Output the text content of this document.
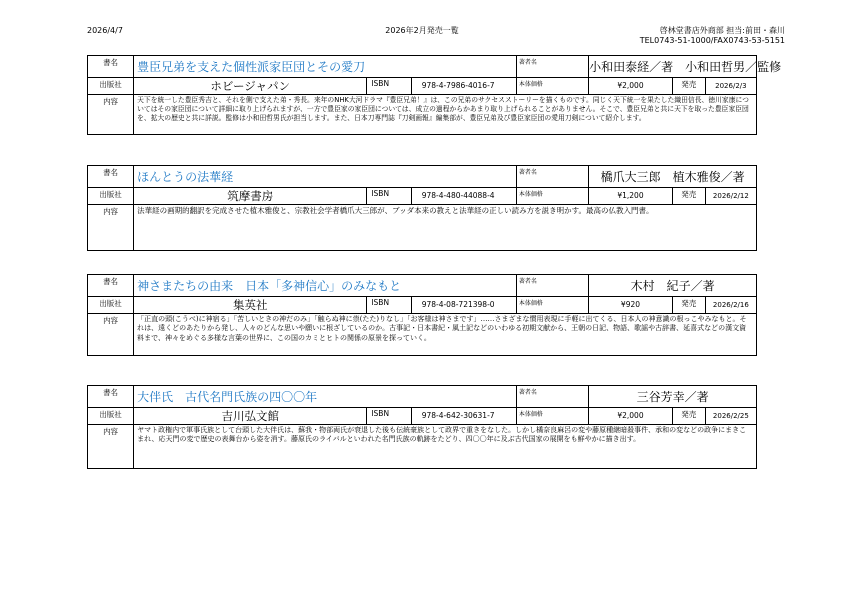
2026/4/7	2026年2月発売一覧	啓林堂書店外商部 担当:前田・森川
TEL0743-51-1000/FAX0743-53-5151
書名	豊臣兄弟を支えた個性派家臣団とその愛刀			著者名	小和田泰経／著　小和田哲男／監修		
出版社	ホビージャパン	ISBN	978-4-7986-4016-7	本体価格	¥2,000	発売	2026/2/3
内容	天下を統一した豊臣秀吉と、それを側で支えた弟・秀長。来年のNHK大河ドラマ『豊臣兄弟！』は、この兄弟のサクセスストーリーを描くものです。同じく天下統一を果たした織田信長、徳川家康についてはその家臣団について詳細に取り上げられますが、一方で豊臣家の家臣団については、成立の過程からかあまり取り上げられることがありません。そこで、豊臣兄弟と共に天下を取った豊臣家臣団を、拡大の歴史と共に詳説。監修は小和田哲男氏が担当します。また、日本刀専門誌『刀剣画報』編集部が、豊臣兄弟及び豊臣家臣団の愛用刀剣について紹介します。						
書名	ほんとうの法華経			著者名	橋爪大三郎　植木雅俊／著		
出版社	筑摩書房	ISBN	978-4-480-44088-4	本体価格	¥1,200	発売	2026/2/12
内容	法華経の画期的翻訳を完成させた植木雅俊と、宗教社会学者橋爪大三郎が、ブッダ本来の教えと法華経の正しい読み方を説き明かす。最高の仏教入門書。						
書名	神さまたちの由来　日本「多神信心」のみなもと			著者名	木村　紀子／著		
出版社	集英社	ISBN	978-4-08-721398-0	本体価格	¥920	発売	2026/2/16
内容	「正直の頭(こうべ)に神宿る」「苦しいときの神だのみ」「触らぬ神に祟(たた)りなし」「お客様は神さまです」……さまざまな慣用表現に手軽に出てくる、日本人の神意識の根っこやみなもと。それは、遠くどのあたりから発し、人々のどんな思いや願いに根ざしているのか。古事記・日本書紀・風土記などのいわゆる初期文献から、王朝の日記、物語、歌謡や古辞書、延喜式などの漢文資料まで、神々をめぐる多様な言葉の世界に、この国のカミとヒトの関係の原景を探っていく。						
書名	大伴氏　古代名門氏族の四〇〇年			著者名	三谷芳幸／著		
出版社	吉川弘文館	ISBN	978-4-642-30631-7	本体価格	¥2,000	発売	2026/2/25
内容	ヤマト政権内で軍事氏族として台頭した大伴氏は、蘇我・物部両氏が衰退した後も伝統豪族として政界で重きをなした。しかし橘奈良麻呂の変や藤原種継暗殺事件、承和の変などの政争にまきこまれ、応天門の変で歴史の表舞台から姿を消す。藤原氏のライバルといわれた名門氏族の軌跡をたどり、四〇〇年に及ぶ古代国家の展開をも鮮やかに描き出す。						
